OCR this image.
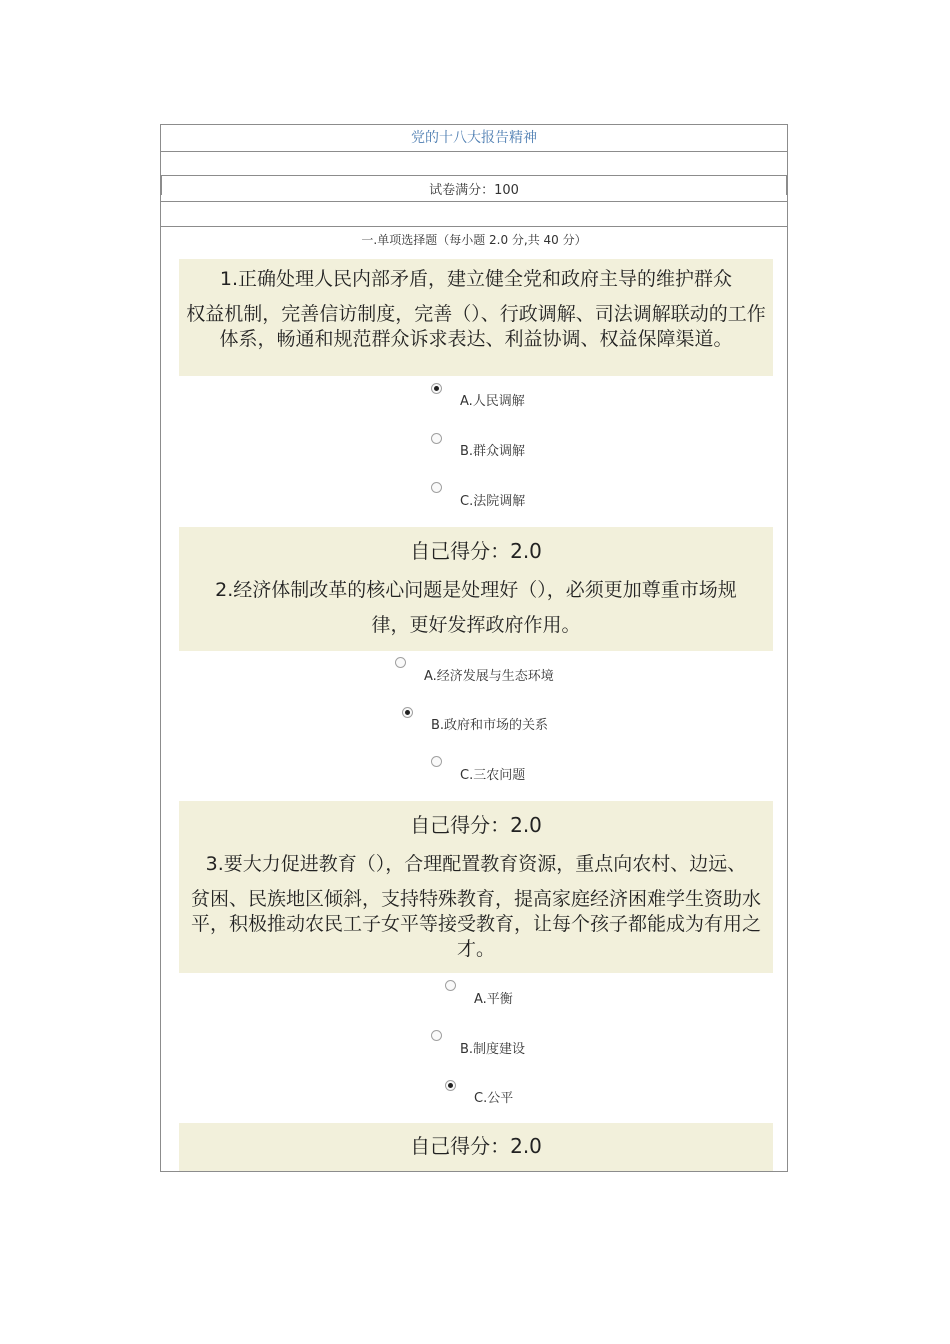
党的十八大报告精神
试卷满分：100
一.单项选择题（每小题 2.0 分,共 40 分）
1.正确处理人民内部矛盾，建立健全党和政府主导的维护群众
权益机制，完善信访制度，完善（）、行政调解、司法调解联动的工作体系，畅通和规范群众诉求表达、利益协调、权益保障渠道。
A.人民调解
B.群众调解
C.法院调解
自己得分：2.0
2.经济体制改革的核心问题是处理好（），必须更加尊重市场规
律，更好发挥政府作用。
A.经济发展与生态环境
B.政府和市场的关系
C.三农问题
自己得分：2.0
3.要大力促进教育（），合理配置教育资源，重点向农村、边远、
贫困、民族地区倾斜，支持特殊教育，提高家庭经济困难学生资助水平，积极推动农民工子女平等接受教育，让每个孩子都能成为有用之才。
A.平衡
B.制度建设
C.公平
自己得分：2.0
